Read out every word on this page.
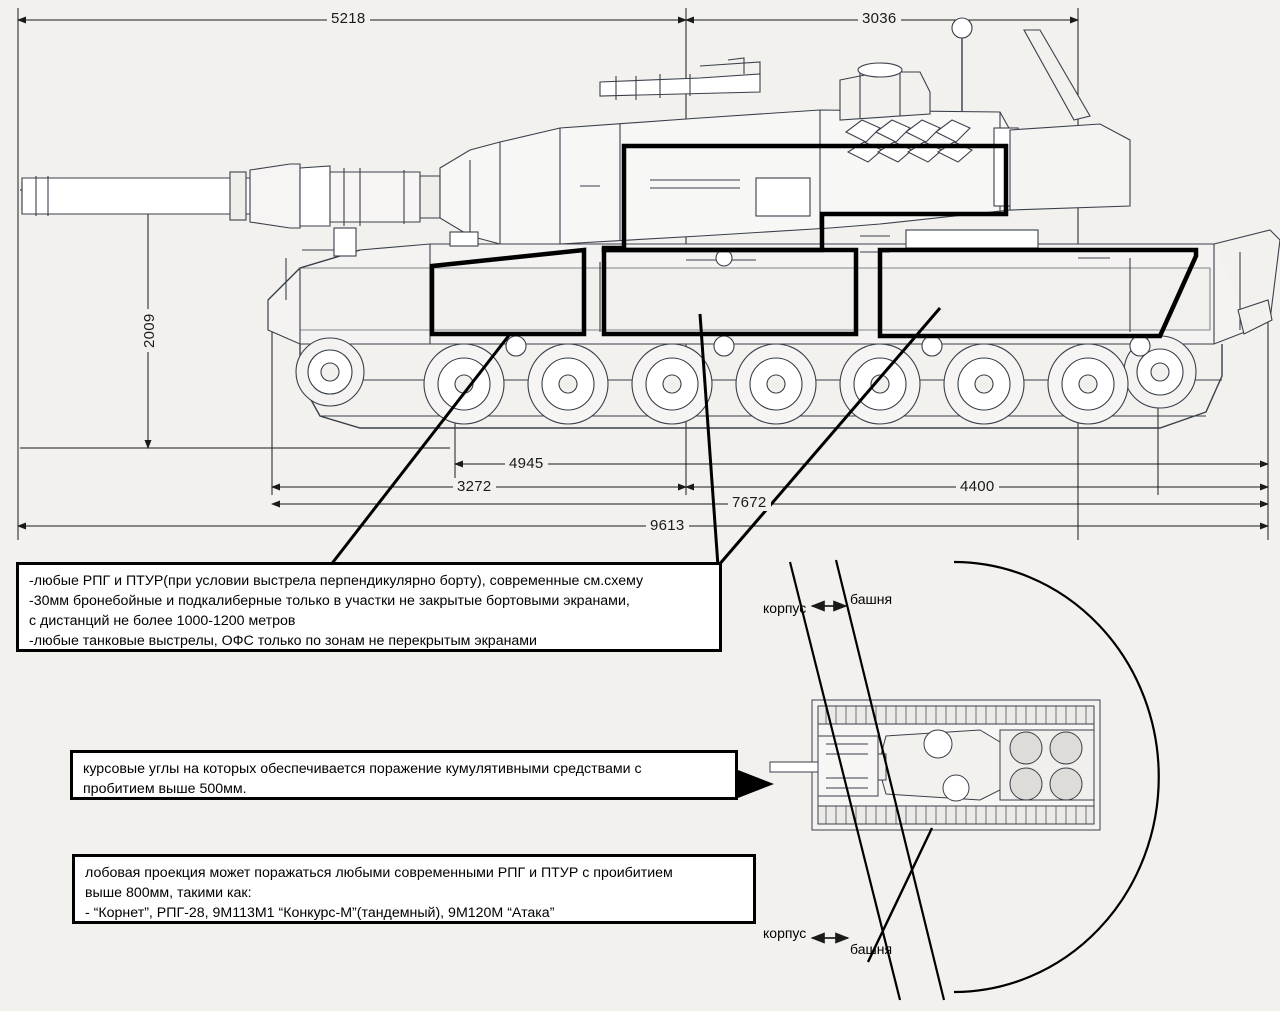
5218	3036
2009
4945
3272	4400
7672
9613
-любые РПГ и ПТУР(при условии выстрела перпендикулярно борту), современные см.схему
-30мм бронебойные и подкалиберные только в участки не закрытые бортовыми экранами,
с дистанций не более 1000-1200 метров
-любые танковые выстрелы, ОФС только по зонам не перекрытым экранами
курсовые углы на которых обеспечивается поражение кумулятивными средствами с
пробитием выше 500мм.
лобовая проекция может поражаться любыми современными РПГ и ПТУР с проибитием
выше 800мм, такими как:
- “Корнет”, РПГ-28, 9М113М1 “Конкурс-М”(тандемный), 9М120М “Атака”
корпус
башня
корпус
башня
